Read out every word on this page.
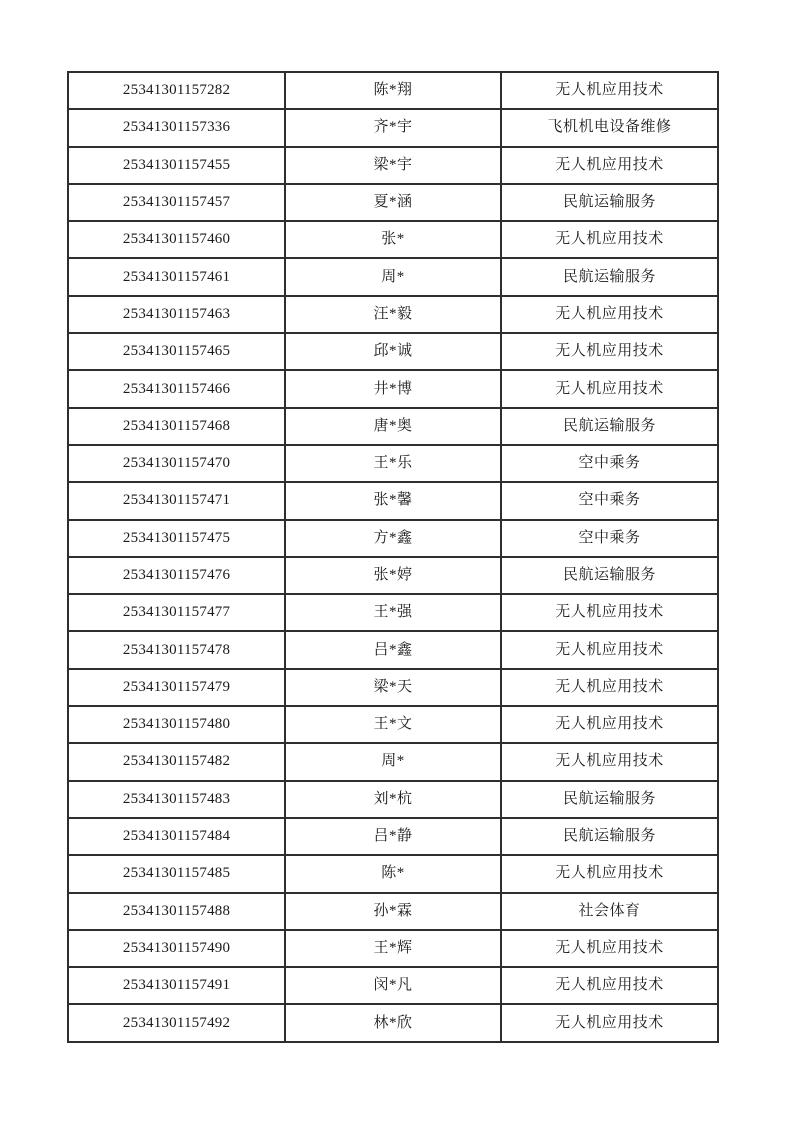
25341301157282	陈*翔	无人机应用技术
25341301157336	齐*宇	飞机机电设备维修
25341301157455	梁*宇	无人机应用技术
25341301157457	夏*涵	民航运输服务
25341301157460	张*	无人机应用技术
25341301157461	周*	民航运输服务
25341301157463	汪*毅	无人机应用技术
25341301157465	邱*诚	无人机应用技术
25341301157466	井*博	无人机应用技术
25341301157468	唐*奥	民航运输服务
25341301157470	王*乐	空中乘务
25341301157471	张*馨	空中乘务
25341301157475	方*鑫	空中乘务
25341301157476	张*婷	民航运输服务
25341301157477	王*强	无人机应用技术
25341301157478	吕*鑫	无人机应用技术
25341301157479	梁*天	无人机应用技术
25341301157480	王*文	无人机应用技术
25341301157482	周*	无人机应用技术
25341301157483	刘*杭	民航运输服务
25341301157484	吕*静	民航运输服务
25341301157485	陈*	无人机应用技术
25341301157488	孙*霖	社会体育
25341301157490	王*辉	无人机应用技术
25341301157491	闵*凡	无人机应用技术
25341301157492	林*欣	无人机应用技术
